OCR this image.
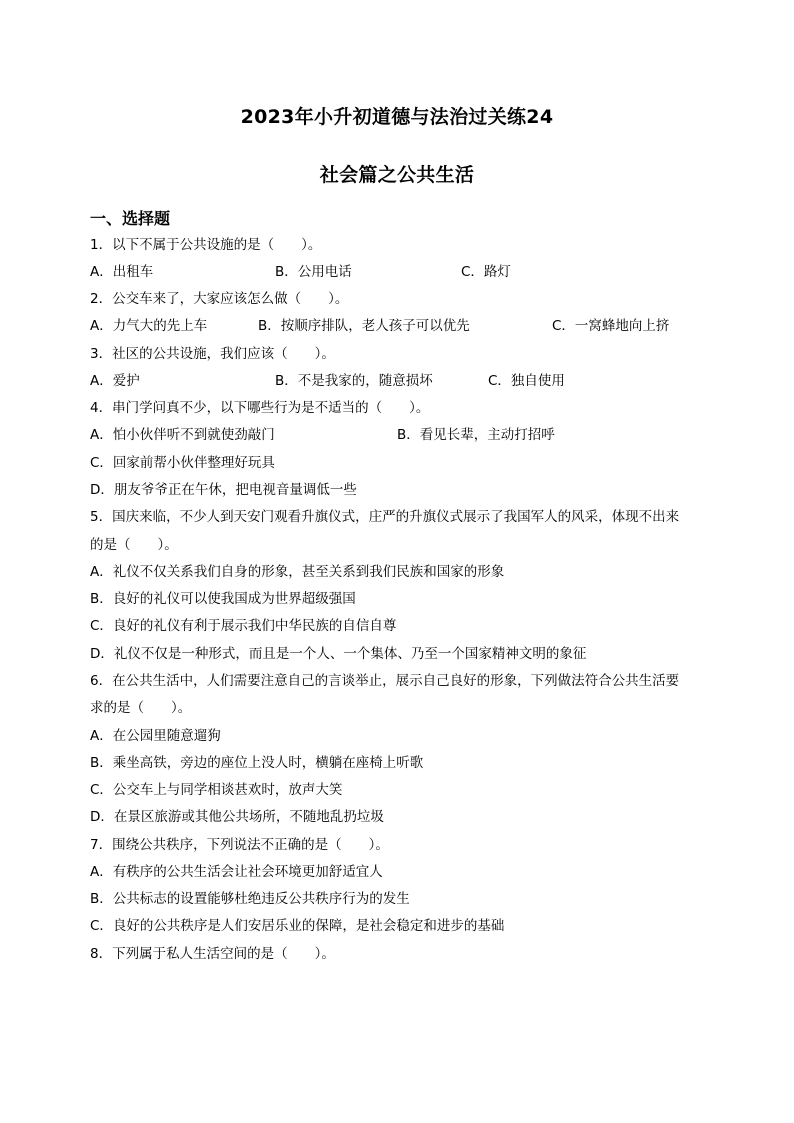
2023年小升初道德与法治过关练24
社会篇之公共生活
一、选择题
1．以下不属于公共设施的是（　　）。
A．出租车	B．公用电话	C．路灯
2．公交车来了，大家应该怎么做（　　）。
A．力气大的先上车	B．按顺序排队，老人孩子可以优先	C．一窝蜂地向上挤
3．社区的公共设施，我们应该（　　）。
A．爱护	B．不是我家的，随意损坏	C．独自使用
4．串门学问真不少，以下哪些行为是不适当的（　　）。
A．怕小伙伴听不到就使劲敲门	B．看见长辈，主动打招呼
C．回家前帮小伙伴整理好玩具
D．朋友爷爷正在午休，把电视音量调低一些
5．国庆来临，不少人到天安门观看升旗仪式，庄严的升旗仪式展示了我国军人的风采，体现不出来
的是（　　）。
A．礼仪不仅关系我们自身的形象，甚至关系到我们民族和国家的形象
B．良好的礼仪可以使我国成为世界超级强国
C．良好的礼仪有利于展示我们中华民族的自信自尊
D．礼仪不仅是一种形式，而且是一个人、一个集体、乃至一个国家精神文明的象征
6．在公共生活中，人们需要注意自己的言谈举止，展示自己良好的形象，下列做法符合公共生活要
求的是（　　）。
A．在公园里随意遛狗
B．乘坐高铁，旁边的座位上没人时，横躺在座椅上听歌
C．公交车上与同学相谈甚欢时，放声大笑
D．在景区旅游或其他公共场所，不随地乱扔垃圾
7．围绕公共秩序，下列说法不正确的是（　　）。
A．有秩序的公共生活会让社会环境更加舒适宜人
B．公共标志的设置能够杜绝违反公共秩序行为的发生
C．良好的公共秩序是人们安居乐业的保障，是社会稳定和进步的基础
8．下列属于私人生活空间的是（　　）。
